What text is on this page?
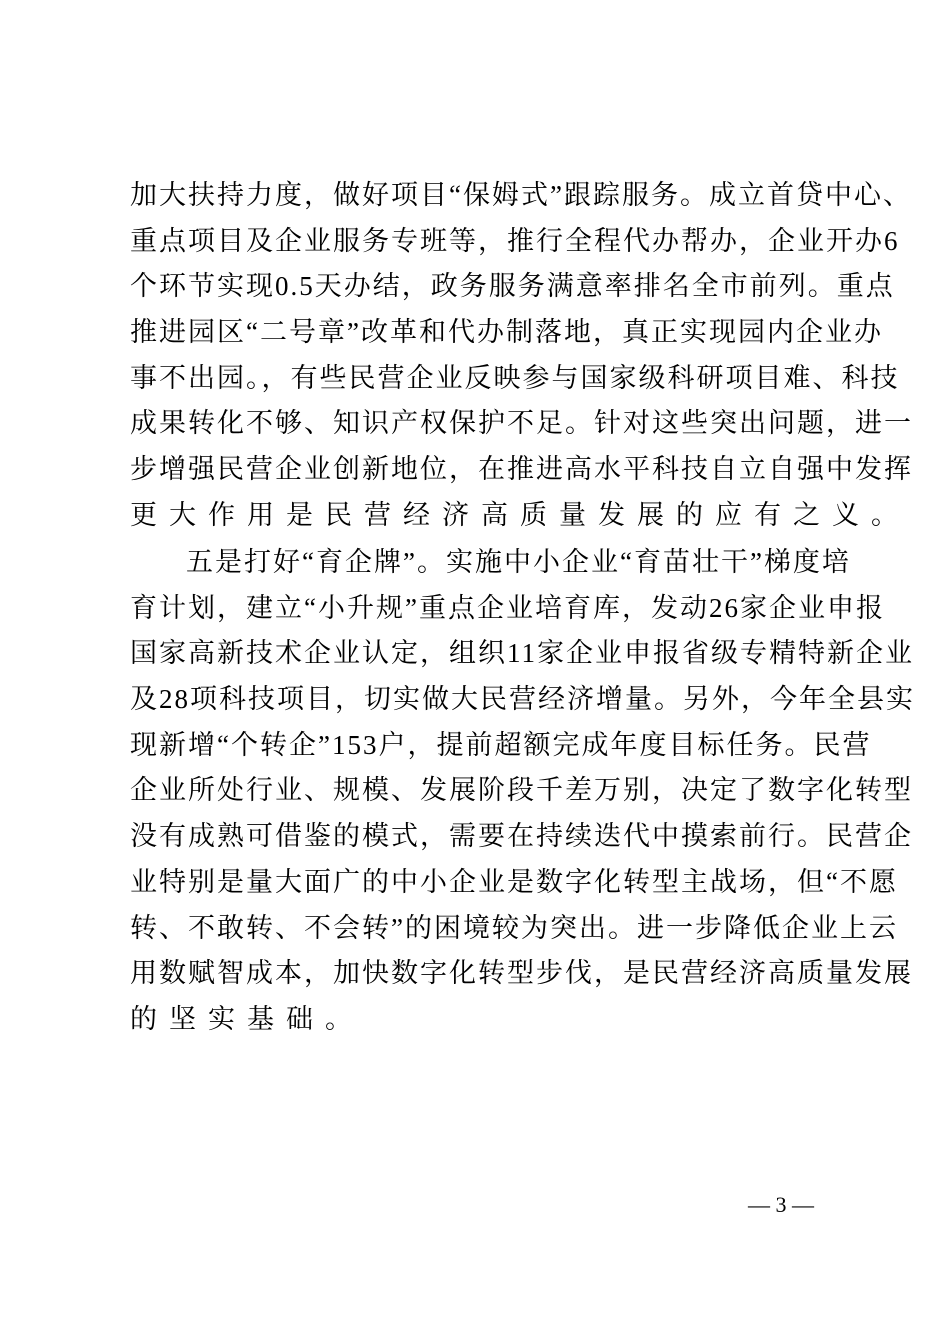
加大扶持力度，做好项目“保姆式”跟踪服务。成立首贷中心、
重点项目及企业服务专班等，推行全程代办帮办，企业开办6
个环节实现0.5天办结，政务服务满意率排名全市前列。重点
推进园区“二号章”改革和代办制落地，真正实现园内企业办
事不出园。，有些民营企业反映参与国家级科研项目难、科技
成果转化不够、知识产权保护不足。针对这些突出问题，进一
步增强民营企业创新地位，在推进高水平科技自立自强中发挥
更大作用是民营经济高质量发展的应有之义。
五是打好“育企牌”。实施中小企业“育苗壮干”梯度培
育计划，建立“小升规”重点企业培育库，发动26家企业申报
国家高新技术企业认定，组织11家企业申报省级专精特新企业
及28项科技项目，切实做大民营经济增量。另外，今年全县实
现新增“个转企”153户，提前超额完成年度目标任务。民营
企业所处行业、规模、发展阶段千差万别，决定了数字化转型
没有成熟可借鉴的模式，需要在持续迭代中摸索前行。民营企
业特别是量大面广的中小企业是数字化转型主战场，但“不愿
转、不敢转、不会转”的困境较为突出。进一步降低企业上云
用数赋智成本，加快数字化转型步伐，是民营经济高质量发展
的坚实基础。
— 3 —
